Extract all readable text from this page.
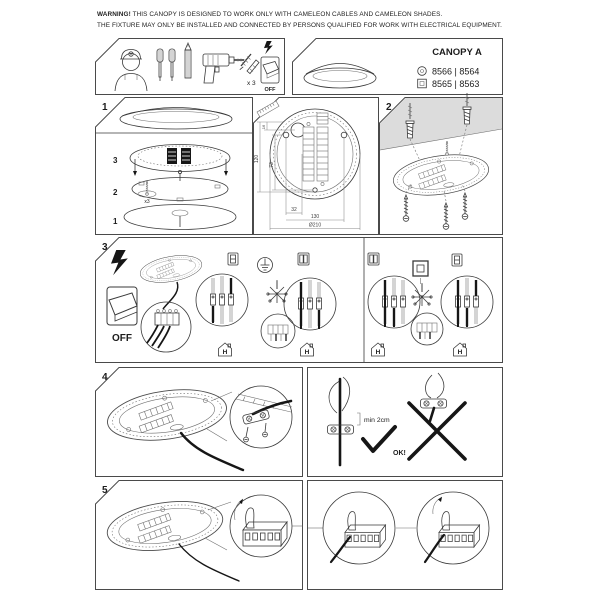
WARNING! THIS CANOPY IS DESIGNED TO WORK ONLY WITH CAMELEON CABLES AND CAMELEON SHADES.
THE FIXTURE MAY ONLY BE INSTALLED AND CONNECTED BY PERSONS QUALIFIED FOR WORK WITH ELECTRICAL EQUIPMENT.
x 3
OFF
CANOPY A
8566 | 8564
8565 | 8563
1
3
x3
2
1
32
130
Ø210
120
73
16
2
3
OFF
H	H	H	H
4
min 2cm
OK!
5
